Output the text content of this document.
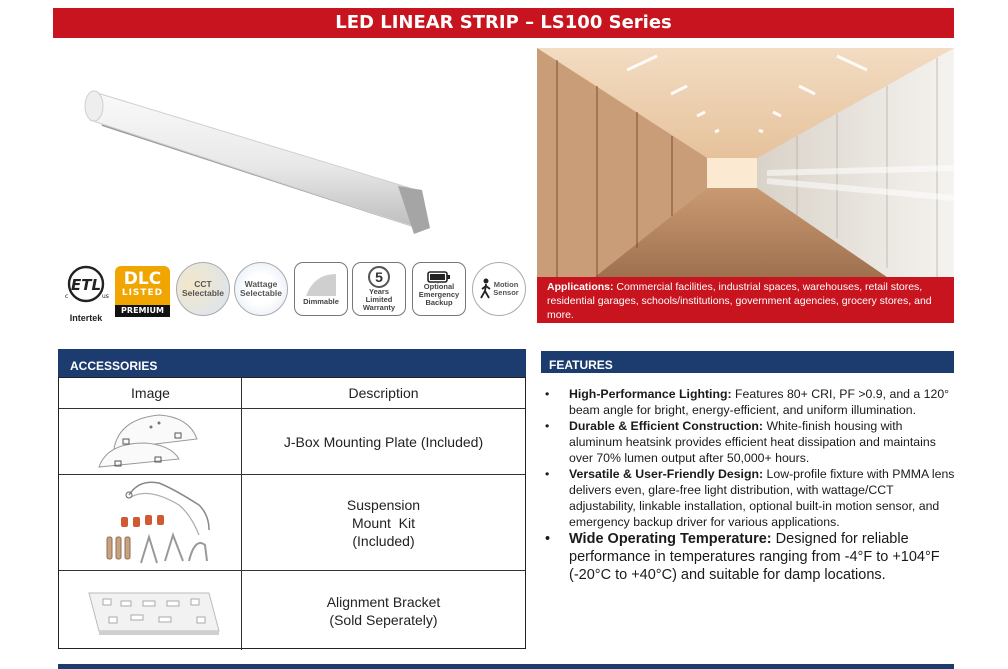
LED LINEAR STRIP – LS100 Series
ETL
c	us
Intertek
DLC
LISTED
PREMIUM
CCT
Selectable
Wattage
Selectable
Dimmable
5
Years
Limited
Warranty
Optional
Emergency
Backup
Motion
Sensor	Applications: Commercial facilities, industrial spaces, warehouses, retail stores, residential garages, schools/institutions, government agencies, grocery stores, and more.
ACCESSORIES
Image	Description
J-Box Mounting Plate (Included)
Suspension
Mount  Kit
(Included)
Alignment Bracket
(Sold Seperately)
FEATURES
• High-Performance Lighting: Features 80+ CRI, PF >0.9, and a 120° beam angle for bright, energy-efficient, and uniform illumination.
• Durable & Efficient Construction: White-finish housing with aluminum heatsink provides efficient heat dissipation and maintains over 70% lumen output after 50,000+ hours.
• Versatile & User-Friendly Design: Low-profile fixture with PMMA lens delivers even, glare-free light distribution, with wattage/CCT adjustability, linkable installation, optional built-in motion sensor, and emergency backup driver for various applications.
• Wide Operating Temperature: Designed for reliable performance in temperatures ranging from -4°F to +104°F (-20°C to +40°C) and suitable for damp locations.
